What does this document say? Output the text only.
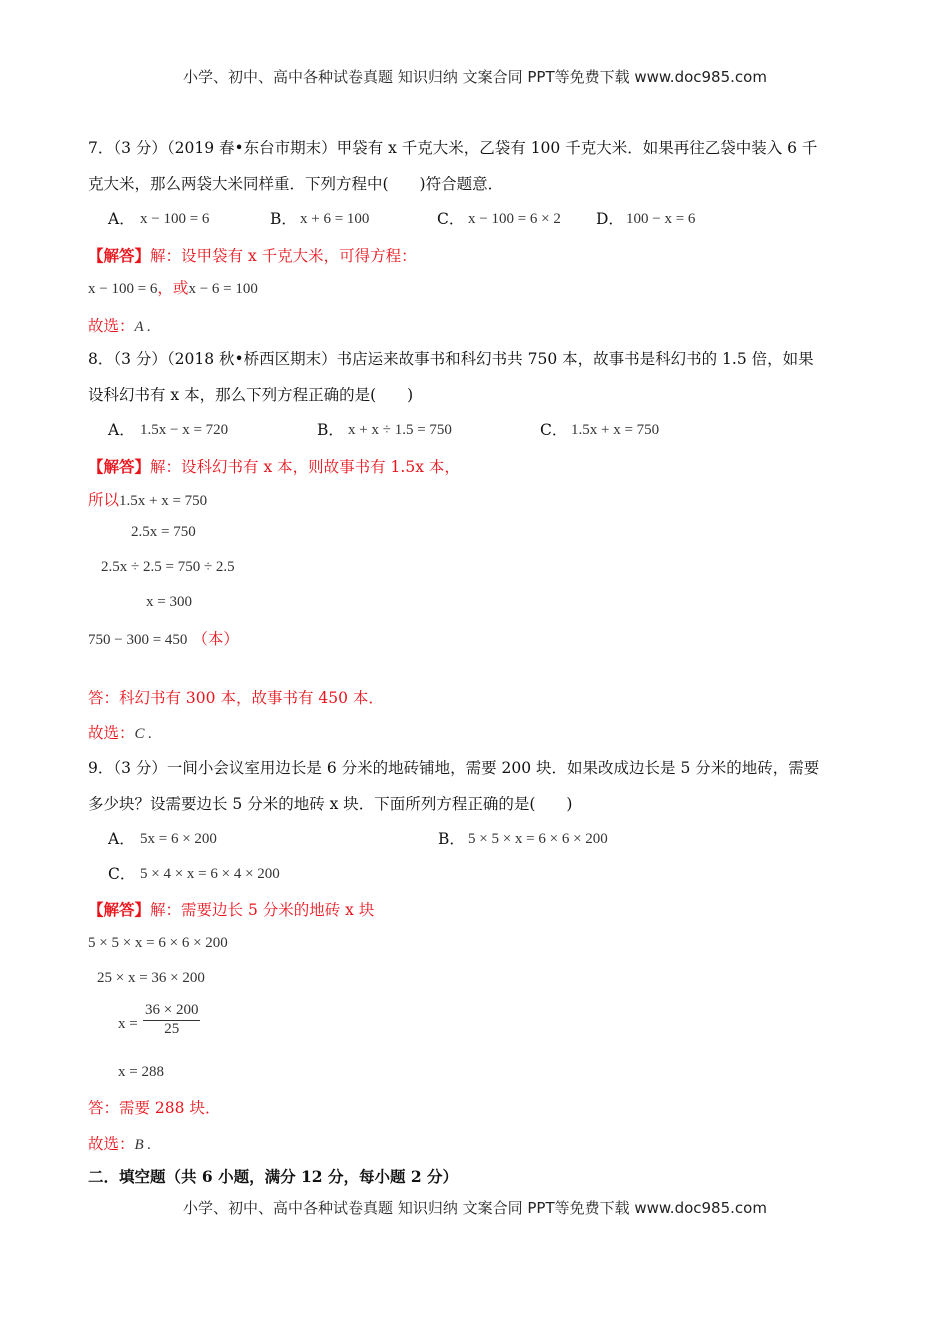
小学、初中、高中各种试卷真题 知识归纳 文案合同 PPT等免费下载 www.doc985.com
7．（3 分）（2019 春•东台市期末）甲袋有 x 千克大米，乙袋有 100 千克大米．如果再往乙袋中装入 6 千
克大米，那么两袋大米同样重．下列方程中(　　)符合题意．
A． x − 100 = 6	B． x + 6 = 100	C． x − 100 = 6 × 2 D． 100 − x = 6
【解答】解：设甲袋有 x 千克大米，可得方程：
x − 100 = 6，或x − 6 = 100
故选：A .
8．（3 分）（2018 秋•桥西区期末）书店运来故事书和科幻书共 750 本，故事书是科幻书的 1.5 倍，如果
设科幻书有 x 本，那么下列方程正确的是(　　)
A． 1.5x − x = 720	B． x + x ÷ 1.5 = 750	C． 1.5x + x = 750
【解答】解：设科幻书有 x 本，则故事书有 1.5x 本，
所以1.5x + x = 750
2.5x = 750
2.5x ÷ 2.5 = 750 ÷ 2.5
x = 300
750 − 300 = 450 （本）
答：科幻书有 300 本，故事书有 450 本．
故选：C .
9．（3 分）一间小会议室用边长是 6 分米的地砖铺地，需要 200 块．如果改成边长是 5 分米的地砖，需要
多少块？设需要边长 5 分米的地砖 x 块．下面所列方程正确的是(　　)
A． 5x = 6 × 200	B． 5 × 5 × x = 6 × 6 × 200
C． 5 × 4 × x = 6 × 4 × 200
【解答】解：需要边长 5 分米的地砖 x 块
5 × 5 × x = 6 × 6 × 200
25 × x = 36 × 200
$x = \frac{36 \times 200}{25}$
x = 288
答：需要 288 块．
故选：B .
二．填空题（共 6 小题，满分 12 分，每小题 2 分）
小学、初中、高中各种试卷真题 知识归纳 文案合同 PPT等免费下载 www.doc985.com
